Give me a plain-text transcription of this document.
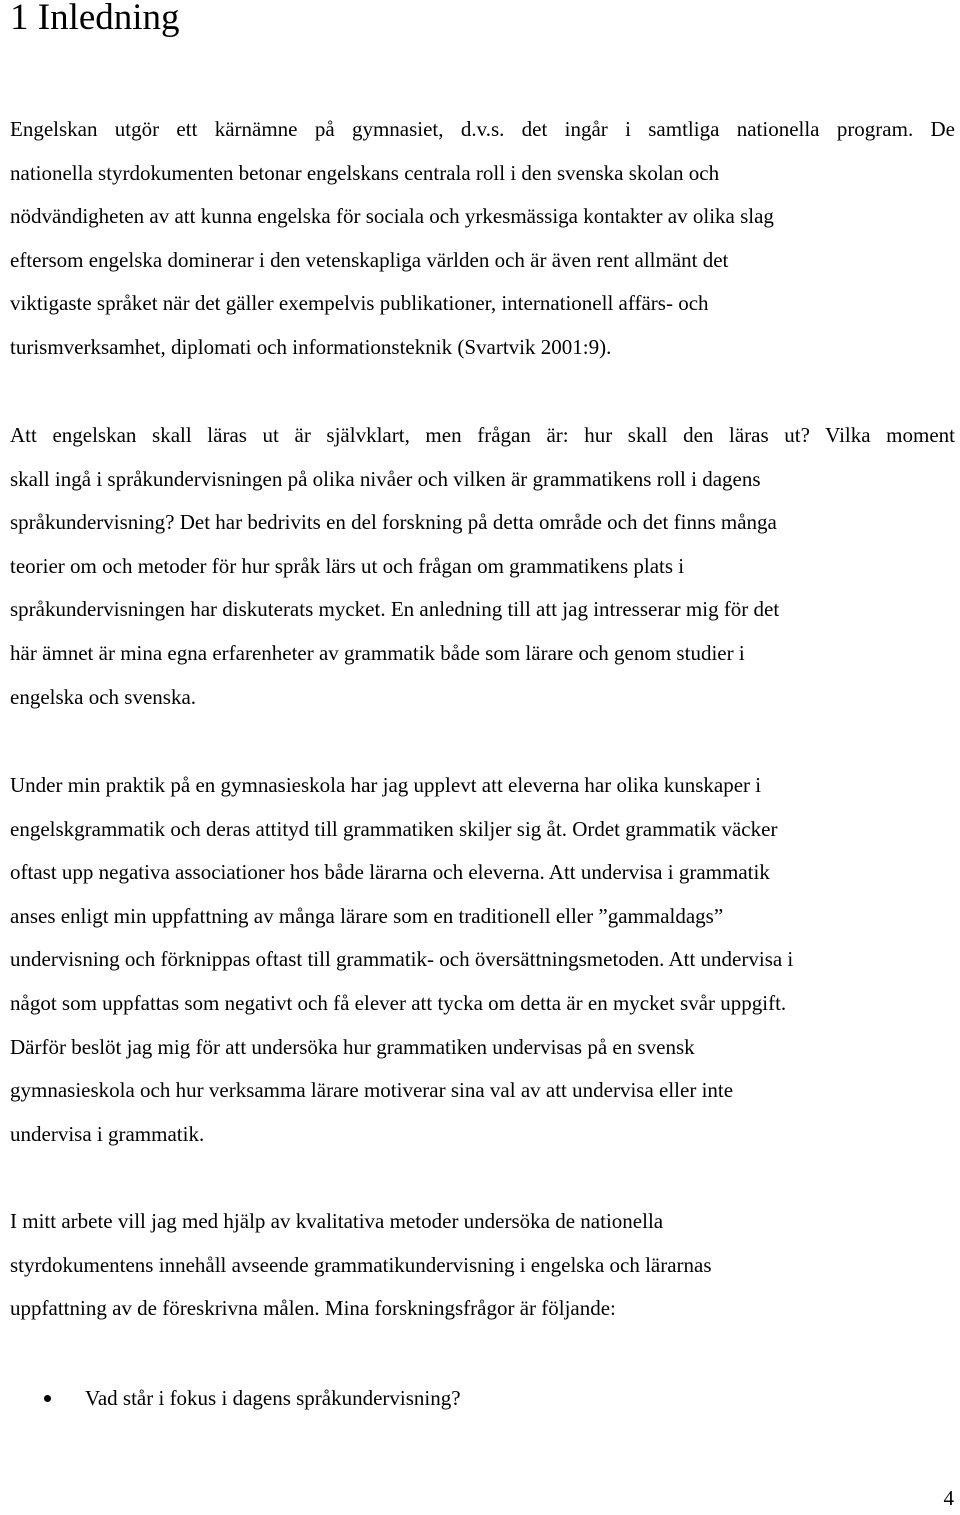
1 Inledning

Engelskan utgör ett kärnämne på gymnasiet, d.v.s. det ingår i samtliga nationella program. De
nationella styrdokumenten betonar engelskans centrala roll i den svenska skolan och
nödvändigheten av att kunna engelska för sociala och yrkesmässiga kontakter av olika slag
eftersom engelska dominerar i den vetenskapliga världen och är även rent allmänt det
viktigaste språket när det gäller exempelvis publikationer, internationell affärs- och
turismverksamhet, diplomati och informationsteknik (Svartvik 2001:9).

Att engelskan skall läras ut är självklart, men frågan är: hur skall den läras ut? Vilka moment
skall ingå i språkundervisningen på olika nivåer och vilken är grammatikens roll i dagens
språkundervisning? Det har bedrivits en del forskning på detta område och det finns många
teorier om och metoder för hur språk lärs ut och frågan om grammatikens plats i
språkundervisningen har diskuterats mycket. En anledning till att jag intresserar mig för det
här ämnet är mina egna erfarenheter av grammatik både som lärare och genom studier i
engelska och svenska.

Under min praktik på en gymnasieskola har jag upplevt att eleverna har olika kunskaper i
engelskgrammatik och deras attityd till grammatiken skiljer sig åt. Ordet grammatik väcker
oftast upp negativa associationer hos både lärarna och eleverna. Att undervisa i grammatik
anses enligt min uppfattning av många lärare som en traditionell eller ”gammaldags”
undervisning och förknippas oftast till grammatik- och översättningsmetoden. Att undervisa i
något som uppfattas som negativt och få elever att tycka om detta är en mycket svår uppgift.
Därför beslöt jag mig för att undersöka hur grammatiken undervisas på en svensk
gymnasieskola och hur verksamma lärare motiverar sina val av att undervisa eller inte
undervisa i grammatik.

I mitt arbete vill jag med hjälp av kvalitativa metoder undersöka de nationella
styrdokumentens innehåll avseende grammatikundervisning i engelska och lärarnas
uppfattning av de föreskrivna målen. Mina forskningsfrågor är följande:

Vad står i fokus i dagens språkundervisning?
4
